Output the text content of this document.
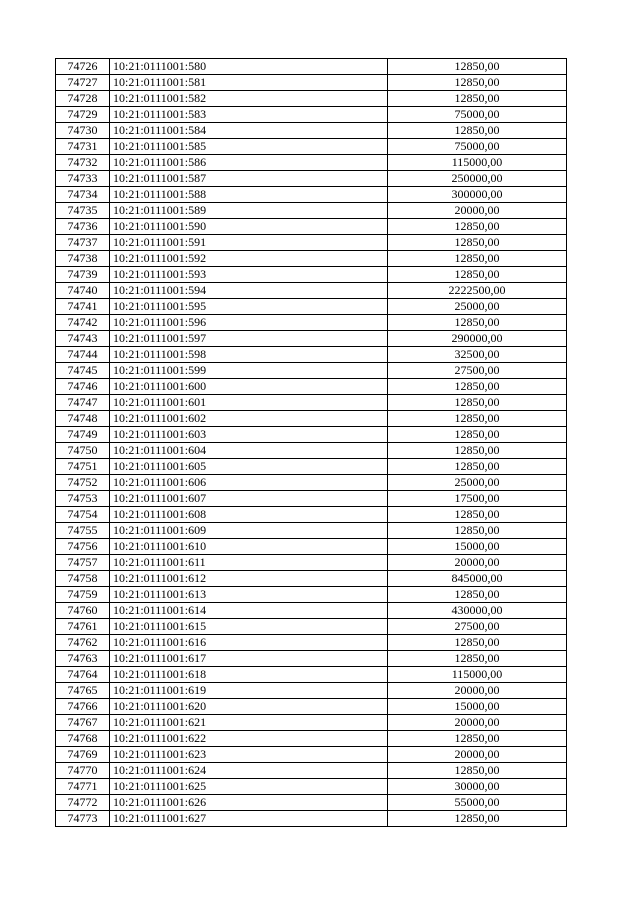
74726	10:21:0111001:580	12850,00
74727	10:21:0111001:581	12850,00
74728	10:21:0111001:582	12850,00
74729	10:21:0111001:583	75000,00
74730	10:21:0111001:584	12850,00
74731	10:21:0111001:585	75000,00
74732	10:21:0111001:586	115000,00
74733	10:21:0111001:587	250000,00
74734	10:21:0111001:588	300000,00
74735	10:21:0111001:589	20000,00
74736	10:21:0111001:590	12850,00
74737	10:21:0111001:591	12850,00
74738	10:21:0111001:592	12850,00
74739	10:21:0111001:593	12850,00
74740	10:21:0111001:594	2222500,00
74741	10:21:0111001:595	25000,00
74742	10:21:0111001:596	12850,00
74743	10:21:0111001:597	290000,00
74744	10:21:0111001:598	32500,00
74745	10:21:0111001:599	27500,00
74746	10:21:0111001:600	12850,00
74747	10:21:0111001:601	12850,00
74748	10:21:0111001:602	12850,00
74749	10:21:0111001:603	12850,00
74750	10:21:0111001:604	12850,00
74751	10:21:0111001:605	12850,00
74752	10:21:0111001:606	25000,00
74753	10:21:0111001:607	17500,00
74754	10:21:0111001:608	12850,00
74755	10:21:0111001:609	12850,00
74756	10:21:0111001:610	15000,00
74757	10:21:0111001:611	20000,00
74758	10:21:0111001:612	845000,00
74759	10:21:0111001:613	12850,00
74760	10:21:0111001:614	430000,00
74761	10:21:0111001:615	27500,00
74762	10:21:0111001:616	12850,00
74763	10:21:0111001:617	12850,00
74764	10:21:0111001:618	115000,00
74765	10:21:0111001:619	20000,00
74766	10:21:0111001:620	15000,00
74767	10:21:0111001:621	20000,00
74768	10:21:0111001:622	12850,00
74769	10:21:0111001:623	20000,00
74770	10:21:0111001:624	12850,00
74771	10:21:0111001:625	30000,00
74772	10:21:0111001:626	55000,00
74773	10:21:0111001:627	12850,00
